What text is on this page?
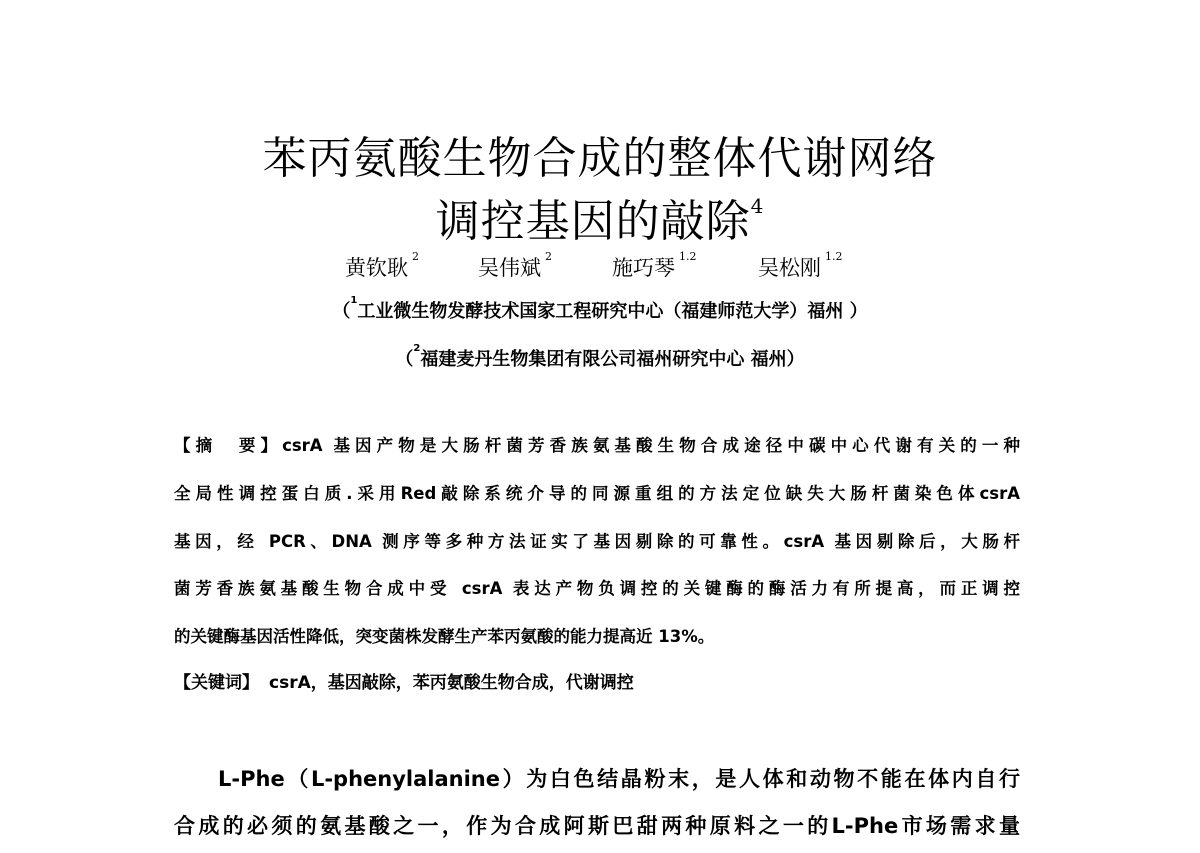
苯丙氨酸生物合成的整体代谢网络
调控基因的敲除$^4$
黄钦耿 $^2$	吴伟斌 $^2$	施巧琴 $^{1.2}$	吴松刚 $^{1.2}$
（$^1$工业微生物发酵技术国家工程研究中心（福建师范大学）福州 ）
（$^2$福建麦丹生物集团有限公司福州研究中心 福州）
【摘　要】csrA 基因产物是大肠杆菌芳香族氨基酸生物合成途径中碳中心代谢有关的一种
全局性调控蛋白质.采用Red敲除系统介导的同源重组的方法定位缺失大肠杆菌染色体csrA
基因，经 PCR、DNA 测序等多种方法证实了基因剔除的可靠性。csrA 基因剔除后，大肠杆
菌芳香族氨基酸生物合成中受 csrA 表达产物负调控的关键酶的酶活力有所提高，而正调控
的关键酶基因活性降低，突变菌株发酵生产苯丙氨酸的能力提高近 13%。
【关键词】 csrA，基因敲除，苯丙氨酸生物合成，代谢调控
L-Phe（L-phenylalanine）为白色结晶粉末，是人体和动物不能在体内自行
合成的必须的氨基酸之一，作为合成阿斯巴甜两种原料之一的L-Phe市场需求量
